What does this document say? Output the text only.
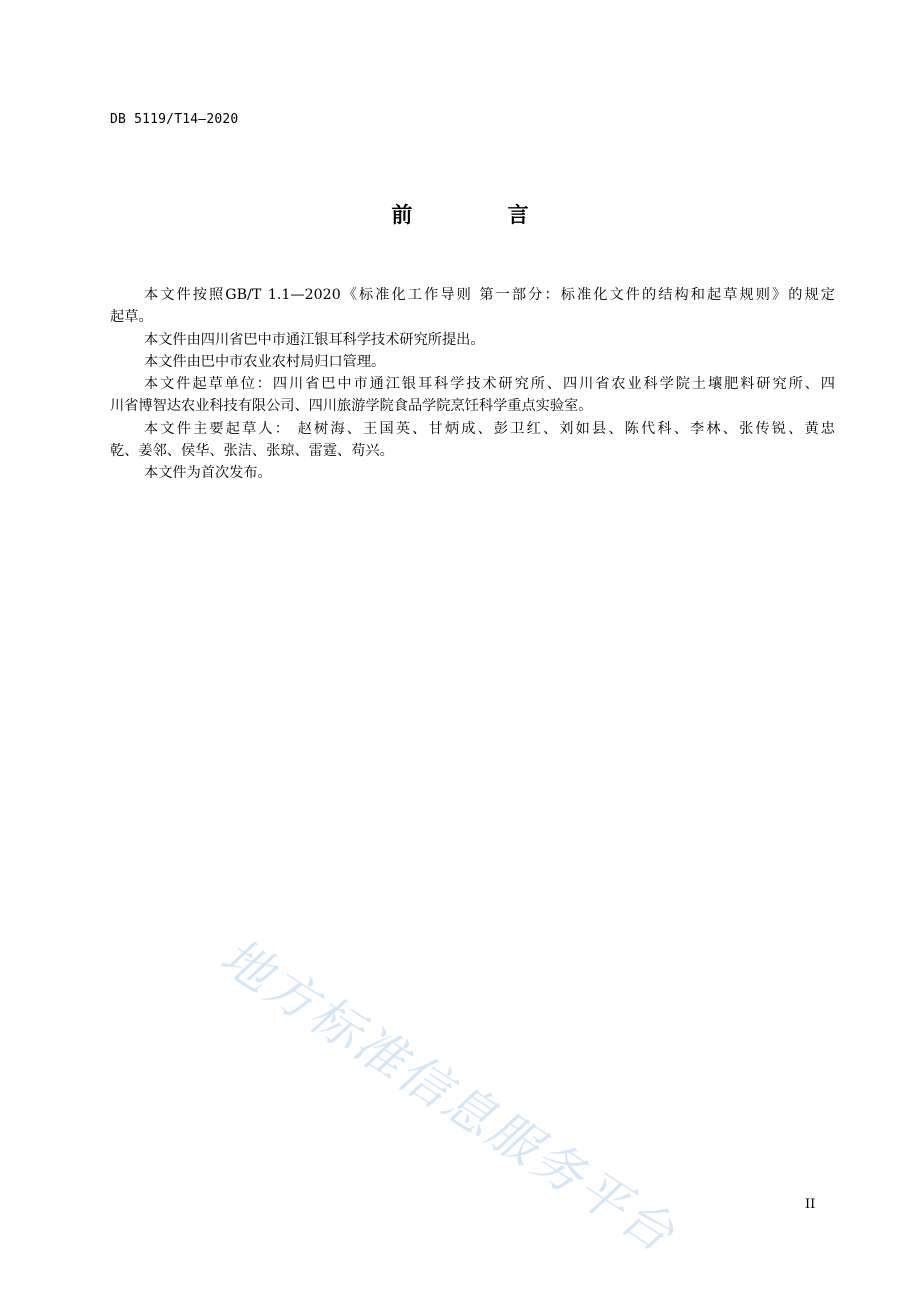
DB 5119/T14—2020
前 言
本文件按照GB/T 1.1—2020《标准化工作导则 第一部分：标准化文件的结构和起草规则》的规定
起草。
本文件由四川省巴中市通江银耳科学技术研究所提出。
本文件由巴中市农业农村局归口管理。
本文件起草单位：四川省巴中市通江银耳科学技术研究所、四川省农业科学院土壤肥料研究所、四
川省博智达农业科技有限公司、四川旅游学院食品学院烹饪科学重点实验室。
本文件主要起草人： 赵树海、王国英、甘炳成、彭卫红、刘如县、陈代科、李林、张传锐、黄忠
乾、姜邻、侯华、张洁、张琼、雷霆、苟兴。
本文件为首次发布。
地方标准信息服务平台	II
